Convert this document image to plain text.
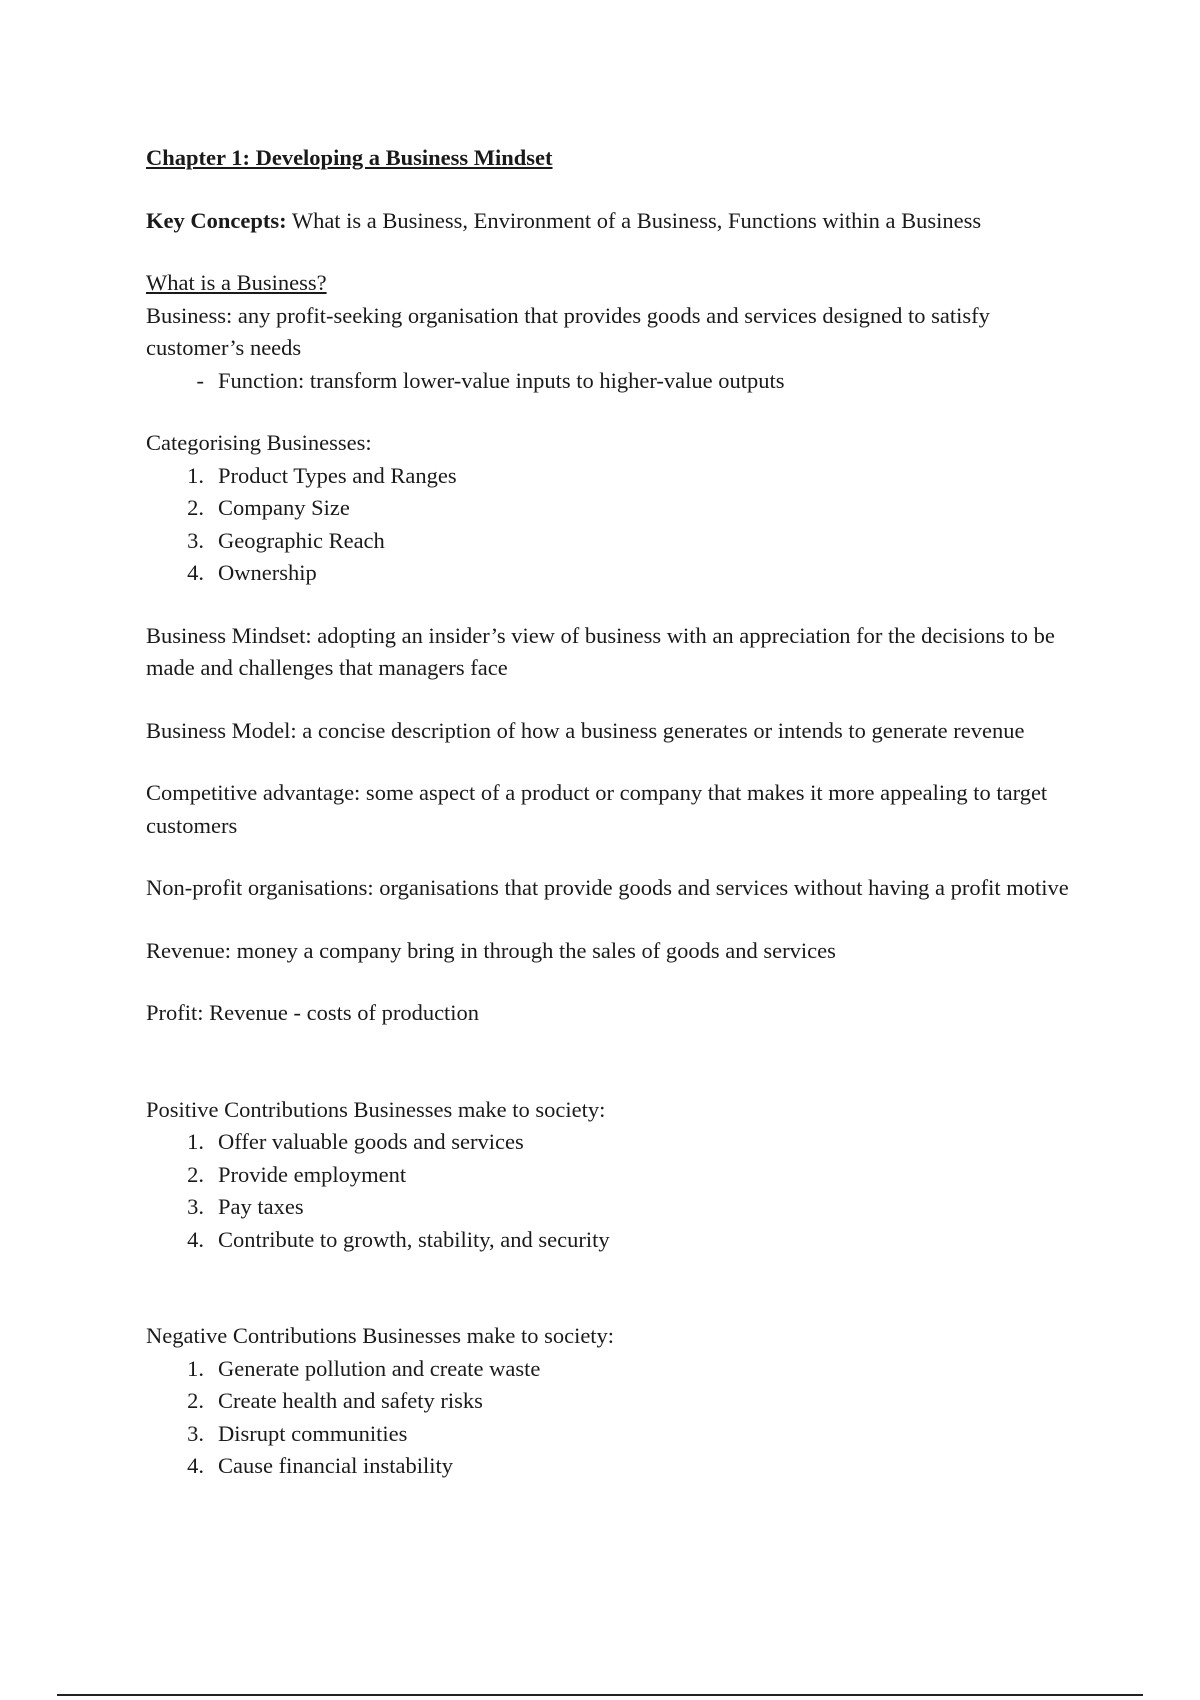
Chapter 1: Developing a Business Mindset

Key Concepts: What is a Business, Environment of a Business, Functions within a Business

What is a Business?

Business: any profit-seeking organisation that provides goods and services designed to satisfy customer’s needs

- Function: transform lower-value inputs to higher-value outputs

Categorising Businesses:

1. Product Types and Ranges
2. Company Size
3. Geographic Reach
4. Ownership

Business Mindset: adopting an insider’s view of business with an appreciation for the decisions to be made and challenges that managers face

Business Model: a concise description of how a business generates or intends to generate revenue

Competitive advantage: some aspect of a product or company that makes it more appealing to target customers

Non-profit organisations: organisations that provide goods and services without having a profit motive

Revenue: money a company bring in through the sales of goods and services

Profit: Revenue - costs of production

Positive Contributions Businesses make to society:

1. Offer valuable goods and services
2. Provide employment
3. Pay taxes
4. Contribute to growth, stability, and security

Negative Contributions Businesses make to society:

1. Generate pollution and create waste
2. Create health and safety risks
3. Disrupt communities
4. Cause financial instability
